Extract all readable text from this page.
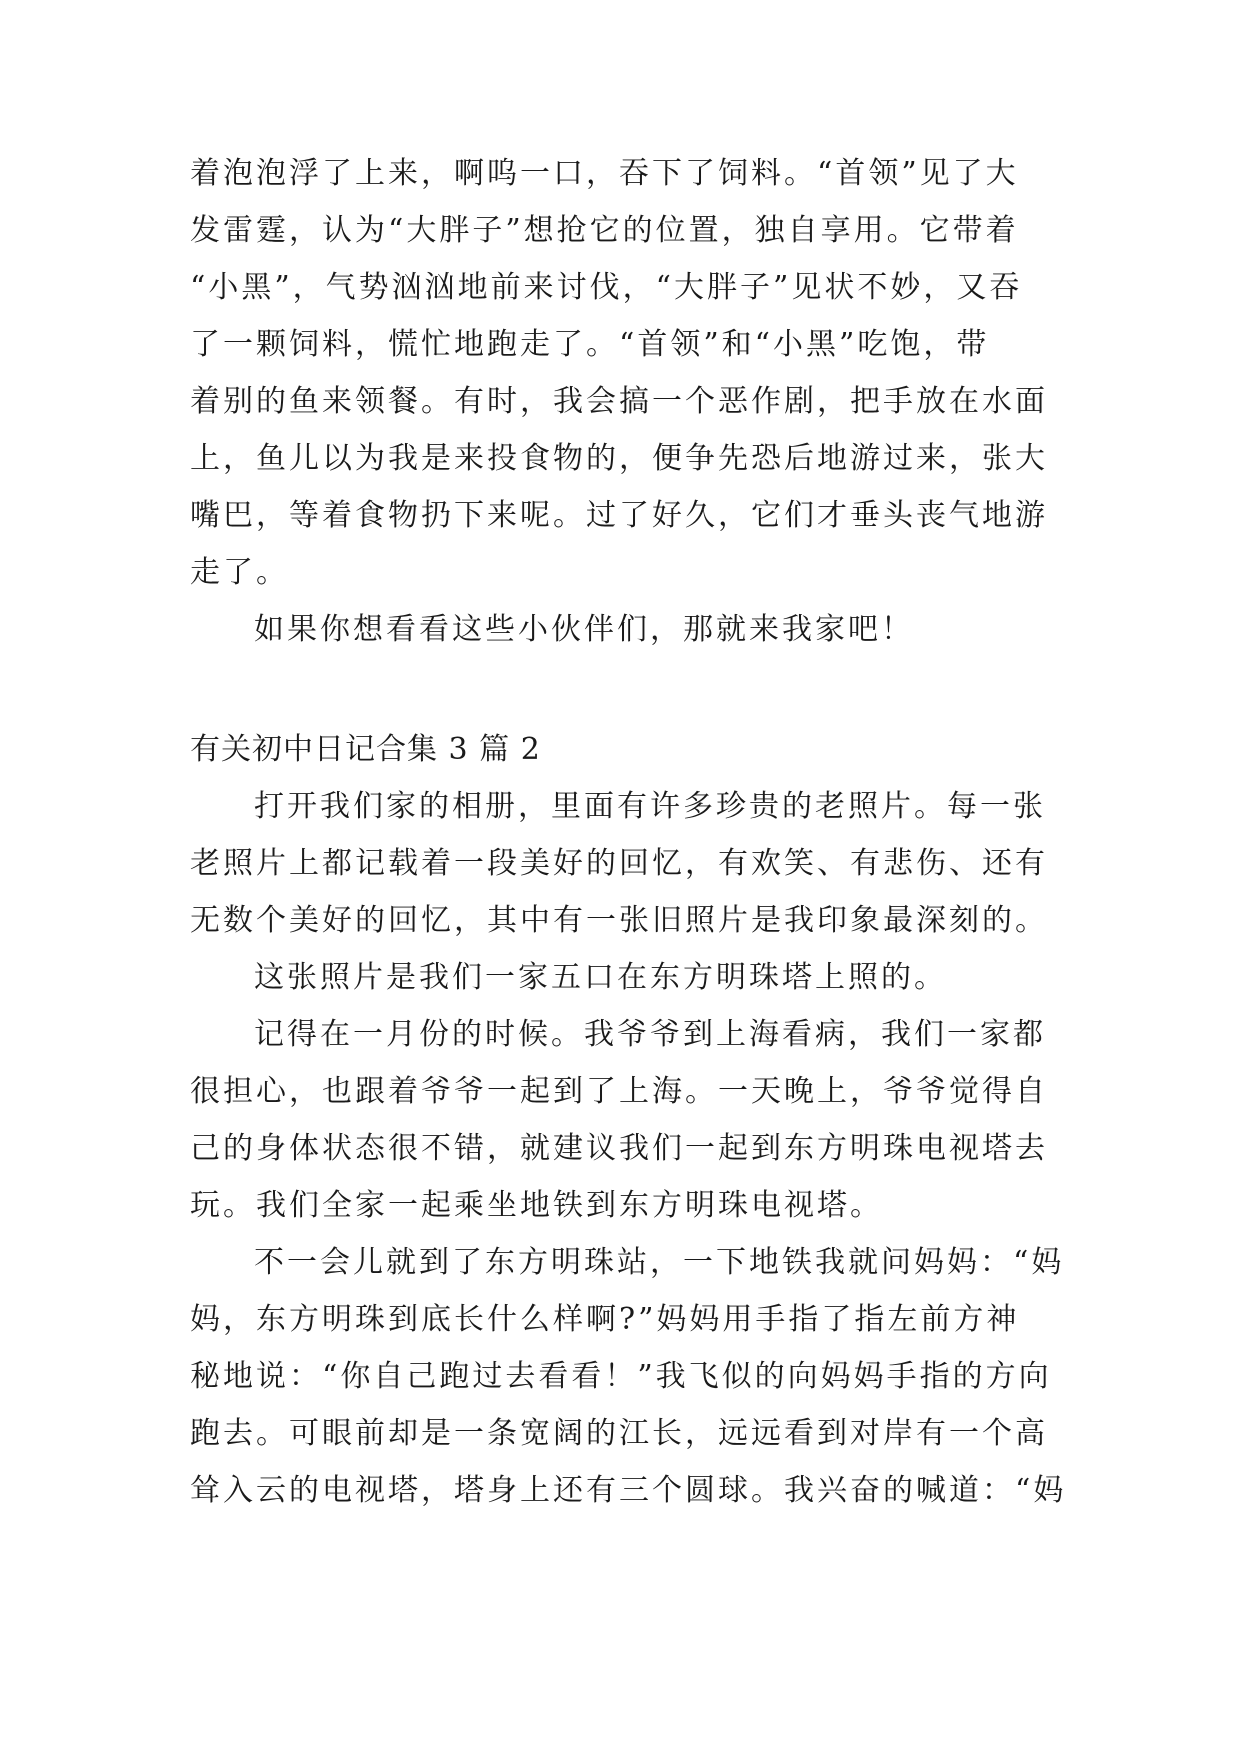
着泡泡浮了上来，啊呜一口，吞下了饲料。“首领”见了大
发雷霆，认为“大胖子”想抢它的位置，独自享用。它带着
“小黑”，气势汹汹地前来讨伐，“大胖子”见状不妙，又吞
了一颗饲料，慌忙地跑走了。“首领”和“小黑”吃饱，带
着别的鱼来领餐。有时，我会搞一个恶作剧，把手放在水面
上，鱼儿以为我是来投食物的，便争先恐后地游过来，张大
嘴巴，等着食物扔下来呢。过了好久，它们才垂头丧气地游
走了。
如果你想看看这些小伙伴们，那就来我家吧！
有关初中日记合集 3 篇 2
打开我们家的相册，里面有许多珍贵的老照片。每一张
老照片上都记载着一段美好的回忆，有欢笑、有悲伤、还有
无数个美好的回忆，其中有一张旧照片是我印象最深刻的。
这张照片是我们一家五口在东方明珠塔上照的。
记得在一月份的时候。我爷爷到上海看病，我们一家都
很担心，也跟着爷爷一起到了上海。一天晚上，爷爷觉得自
己的身体状态很不错，就建议我们一起到东方明珠电视塔去
玩。我们全家一起乘坐地铁到东方明珠电视塔。
不一会儿就到了东方明珠站，一下地铁我就问妈妈：“妈
妈，东方明珠到底长什么样啊?”妈妈用手指了指左前方神
秘地说：“你自己跑过去看看！”我飞似的向妈妈手指的方向
跑去。可眼前却是一条宽阔的江长，远远看到对岸有一个高
耸入云的电视塔，塔身上还有三个圆球。我兴奋的喊道：“妈
